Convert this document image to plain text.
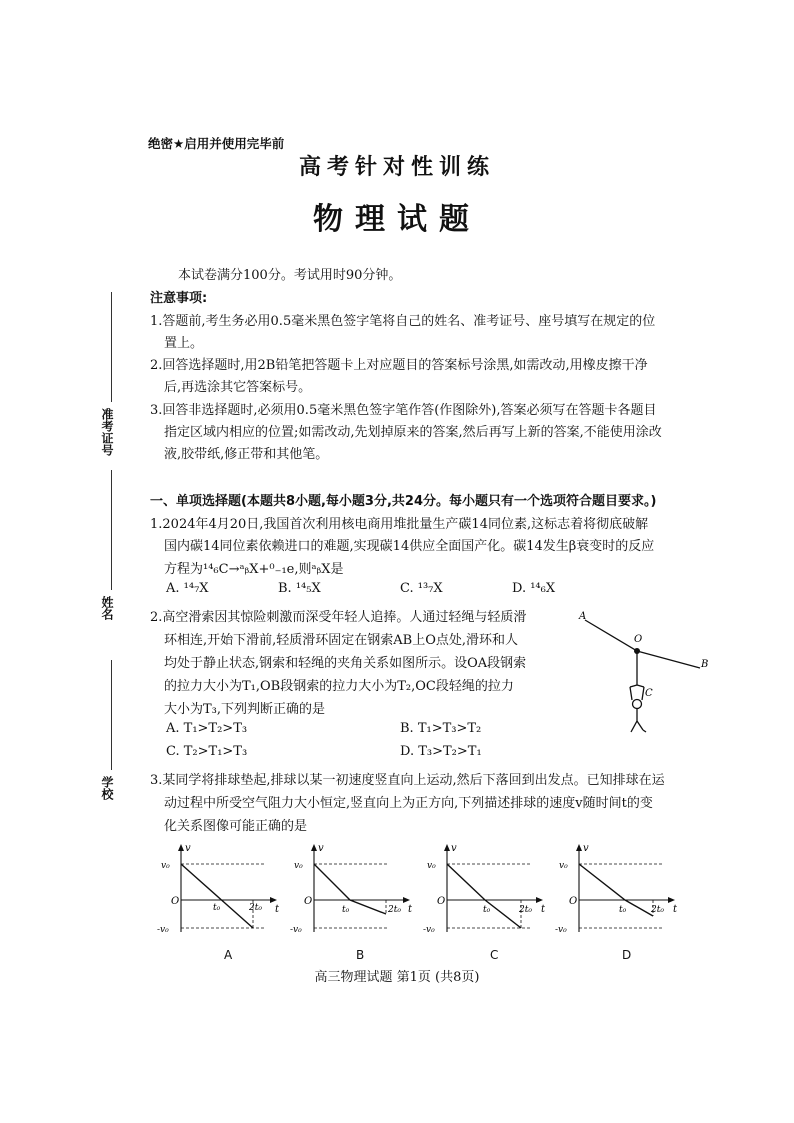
绝密★启用并使用完毕前
高考针对性训练
物理试题
准考证号
姓名
学校
本试卷满分100分。考试用时90分钟。
注意事项:
1.答题前,考生务必用0.5毫米黑色签字笔将自己的姓名、准考证号、座号填写在规定的位
置上。
2.回答选择题时,用2B铅笔把答题卡上对应题目的答案标号涂黑,如需改动,用橡皮擦干净
后,再选涂其它答案标号。
3.回答非选择题时,必须用0.5毫米黑色签字笔作答(作图除外),答案必须写在答题卡各题目
指定区域内相应的位置;如需改动,先划掉原来的答案,然后再写上新的答案,不能使用涂改
液,胶带纸,修正带和其他笔。
一、单项选择题(本题共8小题,每小题3分,共24分。每小题只有一个选项符合题目要求。)
1.2024年4月20日,我国首次利用核电商用堆批量生产碳14同位素,这标志着将彻底破解
国内碳14同位素依赖进口的难题,实现碳14供应全面国产化。碳14发生β衰变时的反应
方程为¹⁴₆C→ᵃᵦX+⁰₋₁e,则ᵃᵦX是
A. ¹⁴₇X	B. ¹⁴₅X	C. ¹³₇X	D. ¹⁴₆X
2.高空滑索因其惊险刺激而深受年轻人追捧。人通过轻绳与轻质滑
环相连,开始下滑前,轻质滑环固定在钢索AB上O点处,滑环和人
均处于静止状态,钢索和轻绳的夹角关系如图所示。设OA段钢索
的拉力大小为T₁,OB段钢索的拉力大小为T₂,OC段轻绳的拉力
大小为T₃,下列判断正确的是
A. T₁>T₂>T₃	B. T₁>T₃>T₂
C. T₂>T₁>T₃	D. T₃>T₂>T₁
A
O
B
C
3.某同学将排球垫起,排球以某一初速度竖直向上运动,然后下落回到出发点。已知排球在运
动过程中所受空气阻力大小恒定,竖直向上为正方向,下列描述排球的速度v随时间t的变
化关系图像可能正确的是
v
t
O
v₀
-v₀
t₀	2t₀
A
v
t
O
v₀
-v₀
t₀	2t₀
B
v
t
O
v₀
-v₀
t₀	2t₀
C
v
t
O
v₀
-v₀
t₀	2t₀
D
高三物理试题 第1页 (共8页)
